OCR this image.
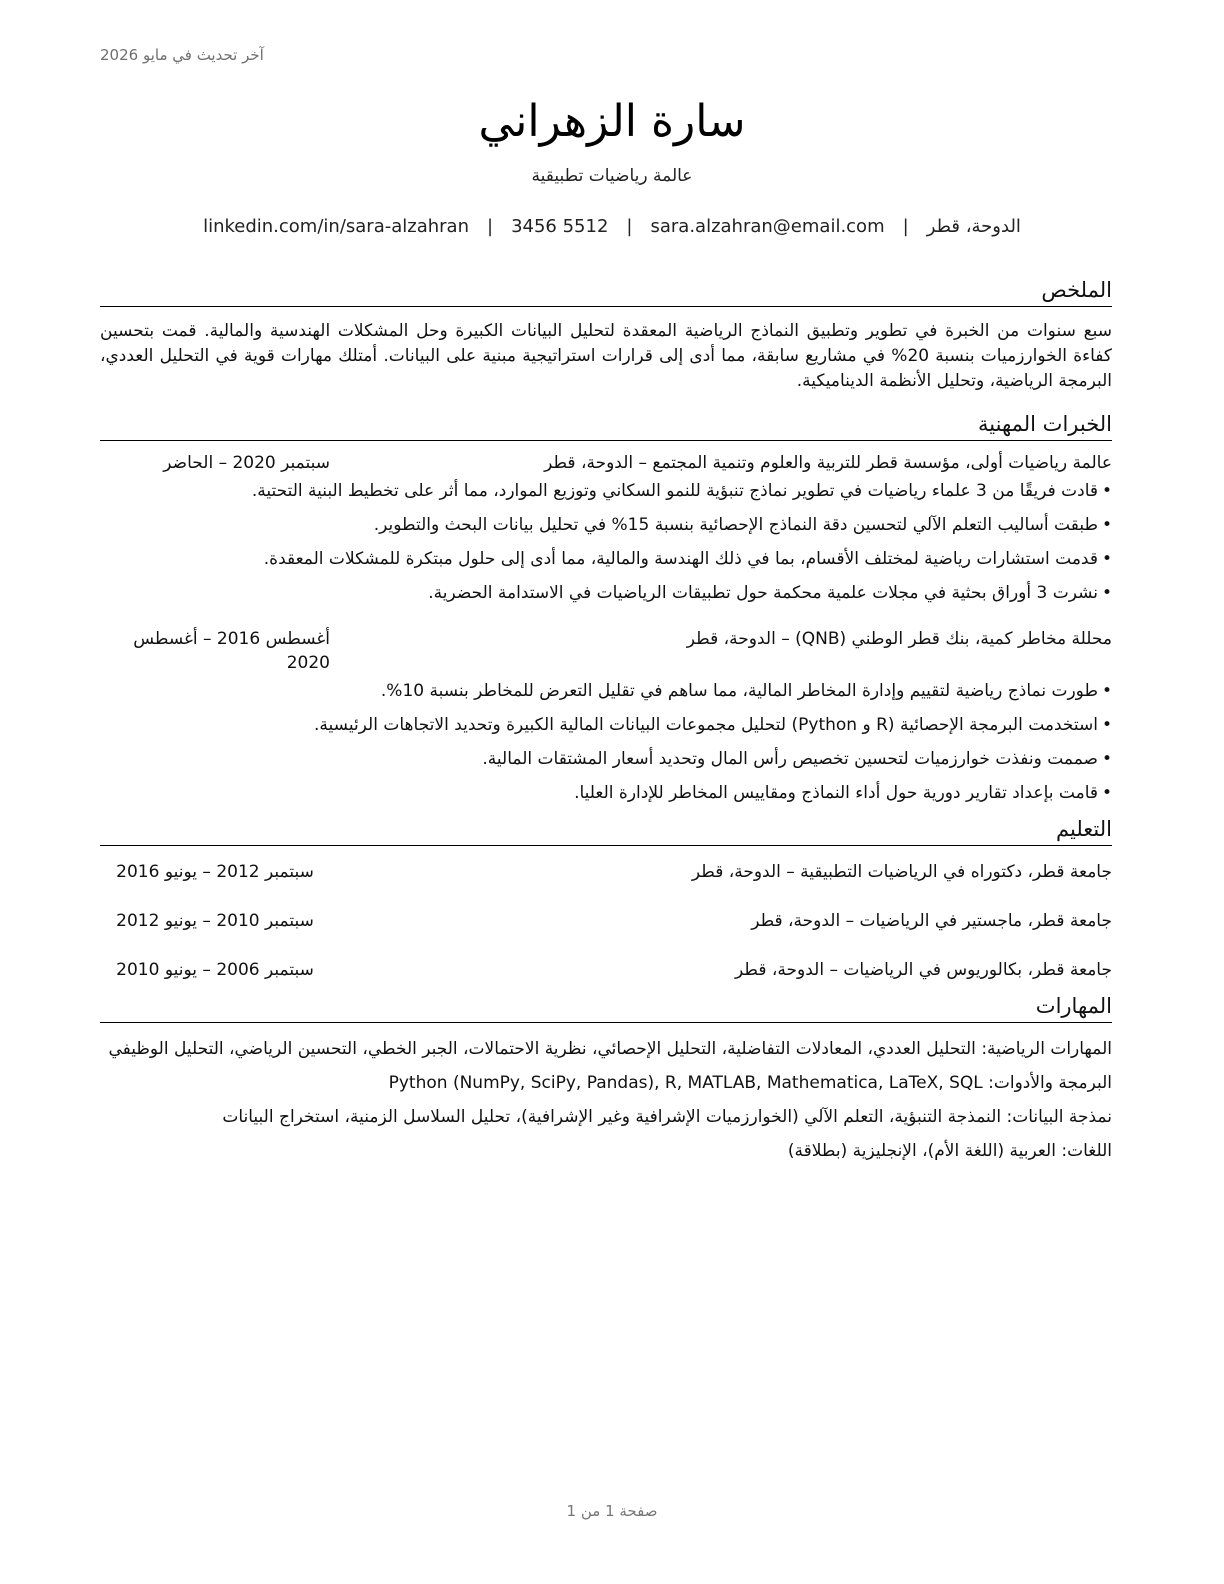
آخر تحديث في مايو 2026
سارة الزهراني
عالمة رياضيات تطبيقية
الدوحة، قطر
|
sara.alzahran@email.com
|
3456 5512
|
linkedin.com/in/sara-alzahran
الملخص

سبع سنوات من الخبرة في تطوير وتطبيق النماذج الرياضية المعقدة لتحليل البيانات الكبيرة وحل المشكلات الهندسية والمالية. قمت بتحسين كفاءة الخوارزميات بنسبة 20% في مشاريع سابقة، مما أدى إلى قرارات استراتيجية مبنية على البيانات. أمتلك مهارات قوية في التحليل العددي، البرمجة الرياضية، وتحليل الأنظمة الديناميكية.

الخبرات المهنية
عالمة رياضيات أولى، مؤسسة قطر للتربية والعلوم وتنمية المجتمع – الدوحة، قطر
سبتمبر 2020 – الحاضر
•
قادت فريقًا من 3 علماء رياضيات في تطوير نماذج تنبؤية للنمو السكاني وتوزيع الموارد، مما أثر على تخطيط البنية التحتية.
•
طبقت أساليب التعلم الآلي لتحسين دقة النماذج الإحصائية بنسبة 15% في تحليل بيانات البحث والتطوير.
•
قدمت استشارات رياضية لمختلف الأقسام، بما في ذلك الهندسة والمالية، مما أدى إلى حلول مبتكرة للمشكلات المعقدة.
•
نشرت 3 أوراق بحثية في مجلات علمية محكمة حول تطبيقات الرياضيات في الاستدامة الحضرية.
محللة مخاطر كمية، بنك قطر الوطني (QNB) – الدوحة، قطر
أغسطس 2016 – أغسطس 2020
•
طورت نماذج رياضية لتقييم وإدارة المخاطر المالية، مما ساهم في تقليل التعرض للمخاطر بنسبة 10%.
•
استخدمت البرمجة الإحصائية (R و Python) لتحليل مجموعات البيانات المالية الكبيرة وتحديد الاتجاهات الرئيسية.
•
صممت ونفذت خوارزميات لتحسين تخصيص رأس المال وتحديد أسعار المشتقات المالية.
•
قامت بإعداد تقارير دورية حول أداء النماذج ومقاييس المخاطر للإدارة العليا.
التعليم
جامعة قطر، دكتوراه في الرياضيات التطبيقية – الدوحة، قطر
سبتمبر 2012 – يونيو 2016
جامعة قطر، ماجستير في الرياضيات – الدوحة، قطر
سبتمبر 2010 – يونيو 2012
جامعة قطر، بكالوريوس في الرياضيات – الدوحة، قطر
سبتمبر 2006 – يونيو 2010
المهارات

المهارات الرياضية: التحليل العددي، المعادلات التفاضلية، التحليل الإحصائي، نظرية الاحتمالات، الجبر الخطي، التحسين الرياضي، التحليل الوظيفي

البرمجة والأدوات: Python (NumPy, SciPy, Pandas), R, MATLAB, Mathematica, LaTeX, SQL

نمذجة البيانات: النمذجة التنبؤية، التعلم الآلي (الخوارزميات الإشرافية وغير الإشرافية)، تحليل السلاسل الزمنية، استخراج البيانات

اللغات: العربية (اللغة الأم)، الإنجليزية (بطلاقة)

صفحة 1 من 1
